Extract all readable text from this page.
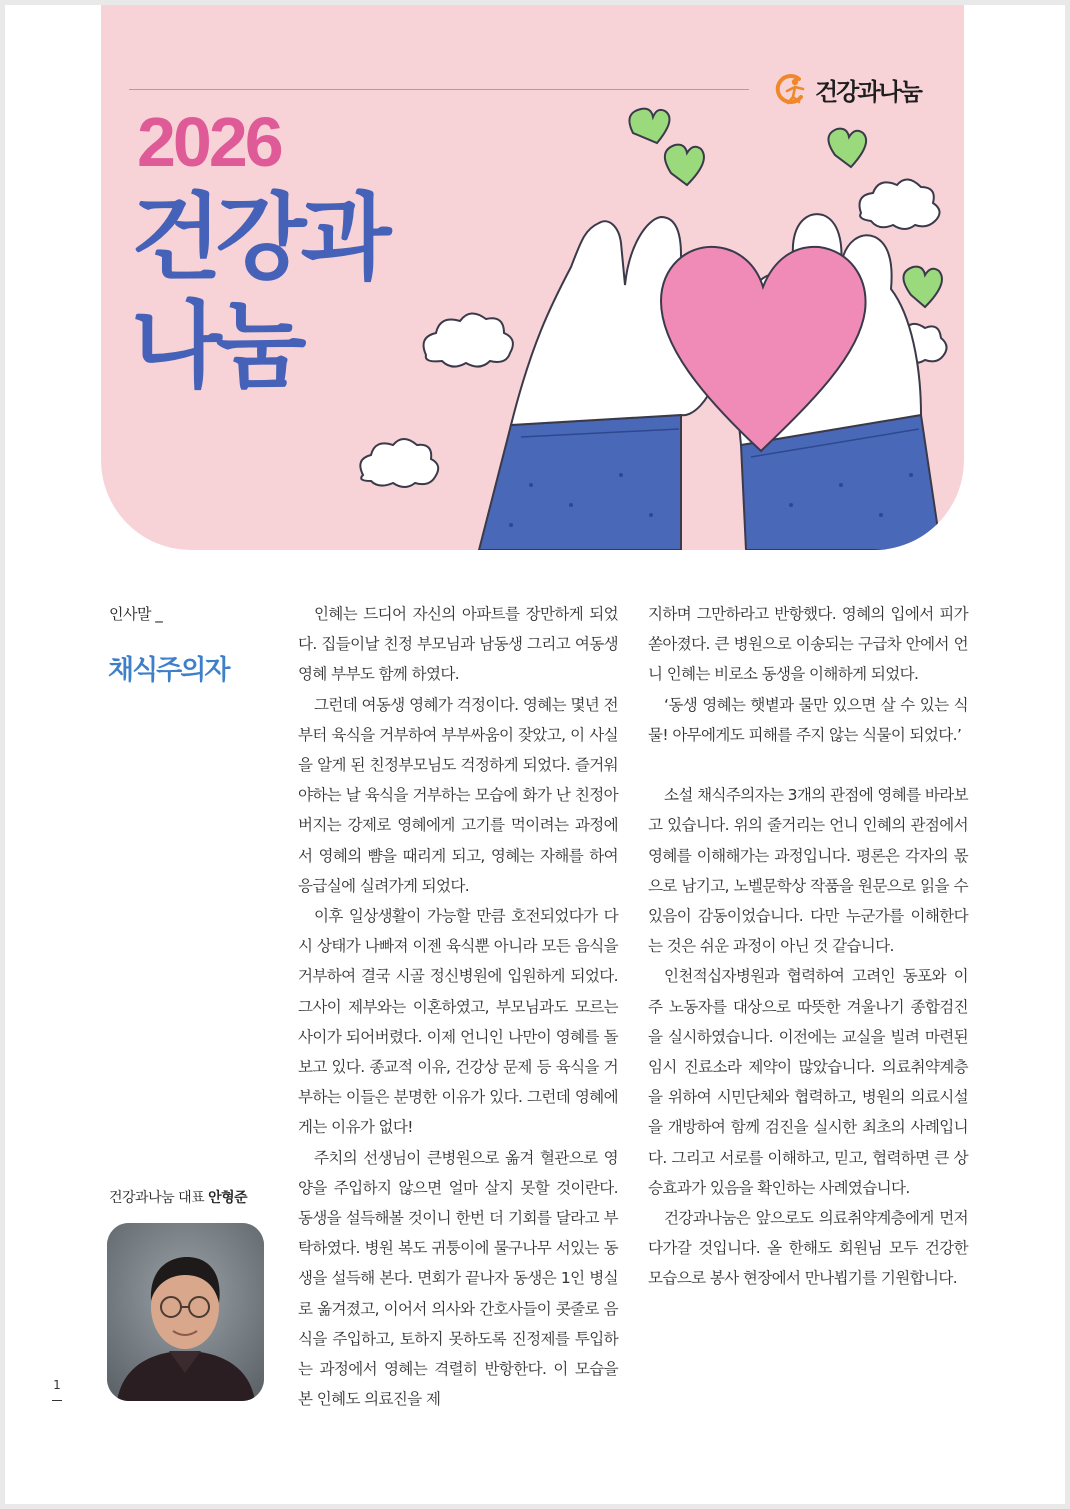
건강과나눔
2026
건강과
나눔
인사말 _
채식주의자
건강과나눔 대표 안형준
1

인혜는 드디어 자신의 아파트를 장만하게 되었다. 집들이날 친정 부모님과 남동생 그리고 여동생 영혜 부부도 함께 하였다.

그런데 여동생 영혜가 걱정이다. 영혜는 몇년 전 부터 육식을 거부하여 부부싸움이 잦았고, 이 사실을 알게 된 친정부모님도 걱정하게 되었다. 즐거워야하는 날 육식을 거부하는 모습에 화가 난 친정아버지는 강제로 영혜에게 고기를 먹이려는 과정에서 영혜의 뺨을 때리게 되고, 영혜는 자해를 하여 응급실에 실려가게 되었다.

이후 일상생활이 가능할 만큼 호전되었다가 다시 상태가 나빠져 이젠 육식뿐 아니라 모든 음식을 거부하여 결국 시골 정신병원에 입원하게 되었다. 그사이 제부와는 이혼하였고, 부모님과도 모르는 사이가 되어버렸다. 이제 언니인 나만이 영혜를 돌보고 있다. 종교적 이유, 건강상 문제 등 육식을 거부하는 이들은 분명한 이유가 있다. 그런데 영혜에게는 이유가 없다!

주치의 선생님이 큰병원으로 옮겨 혈관으로 영양을 주입하지 않으면 얼마 살지 못할 것이란다. 동생을 설득해볼 것이니 한번 더 기회를 달라고 부탁하였다. 병원 복도 귀퉁이에 물구나무 서있는 동생을 설득해 본다. 면회가 끝나자 동생은 1인 병실로 옮겨졌고, 이어서 의사와 간호사들이 콧줄로 음식을 주입하고, 토하지 못하도록 진정제를 투입하는 과정에서 영혜는 격렬히 반항한다. 이 모습을 본 인혜도 의료진을 제

지하며 그만하라고 반항했다. 영혜의 입에서 피가 쏟아졌다. 큰 병원으로 이송되는 구급차 안에서 언니 인혜는 비로소 동생을 이해하게 되었다.

‘동생 영혜는 햇볕과 물만 있으면 살 수 있는 식물! 아무에게도 피해를 주지 않는 식물이 되었다.’

소설 채식주의자는 3개의 관점에 영혜를 바라보고 있습니다. 위의 줄거리는 언니 인혜의 관점에서 영혜를 이해해가는 과정입니다. 평론은 각자의 몫으로 남기고, 노벨문학상 작품을 원문으로 읽을 수 있음이 감동이었습니다. 다만 누군가를 이해한다는 것은 쉬운 과정이 아닌 것 같습니다.

인천적십자병원과 협력하여 고려인 동포와 이주 노동자를 대상으로 따뜻한 겨울나기 종합검진을 실시하였습니다. 이전에는 교실을 빌려 마련된 임시 진료소라 제약이 많았습니다. 의료취약계층을 위하여 시민단체와 협력하고, 병원의 의료시설을 개방하여 함께 검진을 실시한 최초의 사례입니다. 그리고 서로를 이해하고, 믿고, 협력하면 큰 상승효과가 있음을 확인하는 사례였습니다.

건강과나눔은 앞으로도 의료취약계층에게 먼저 다가갈 것입니다. 올 한해도 회원님 모두 건강한 모습으로 봉사 현장에서 만나뵙기를 기원합니다.
